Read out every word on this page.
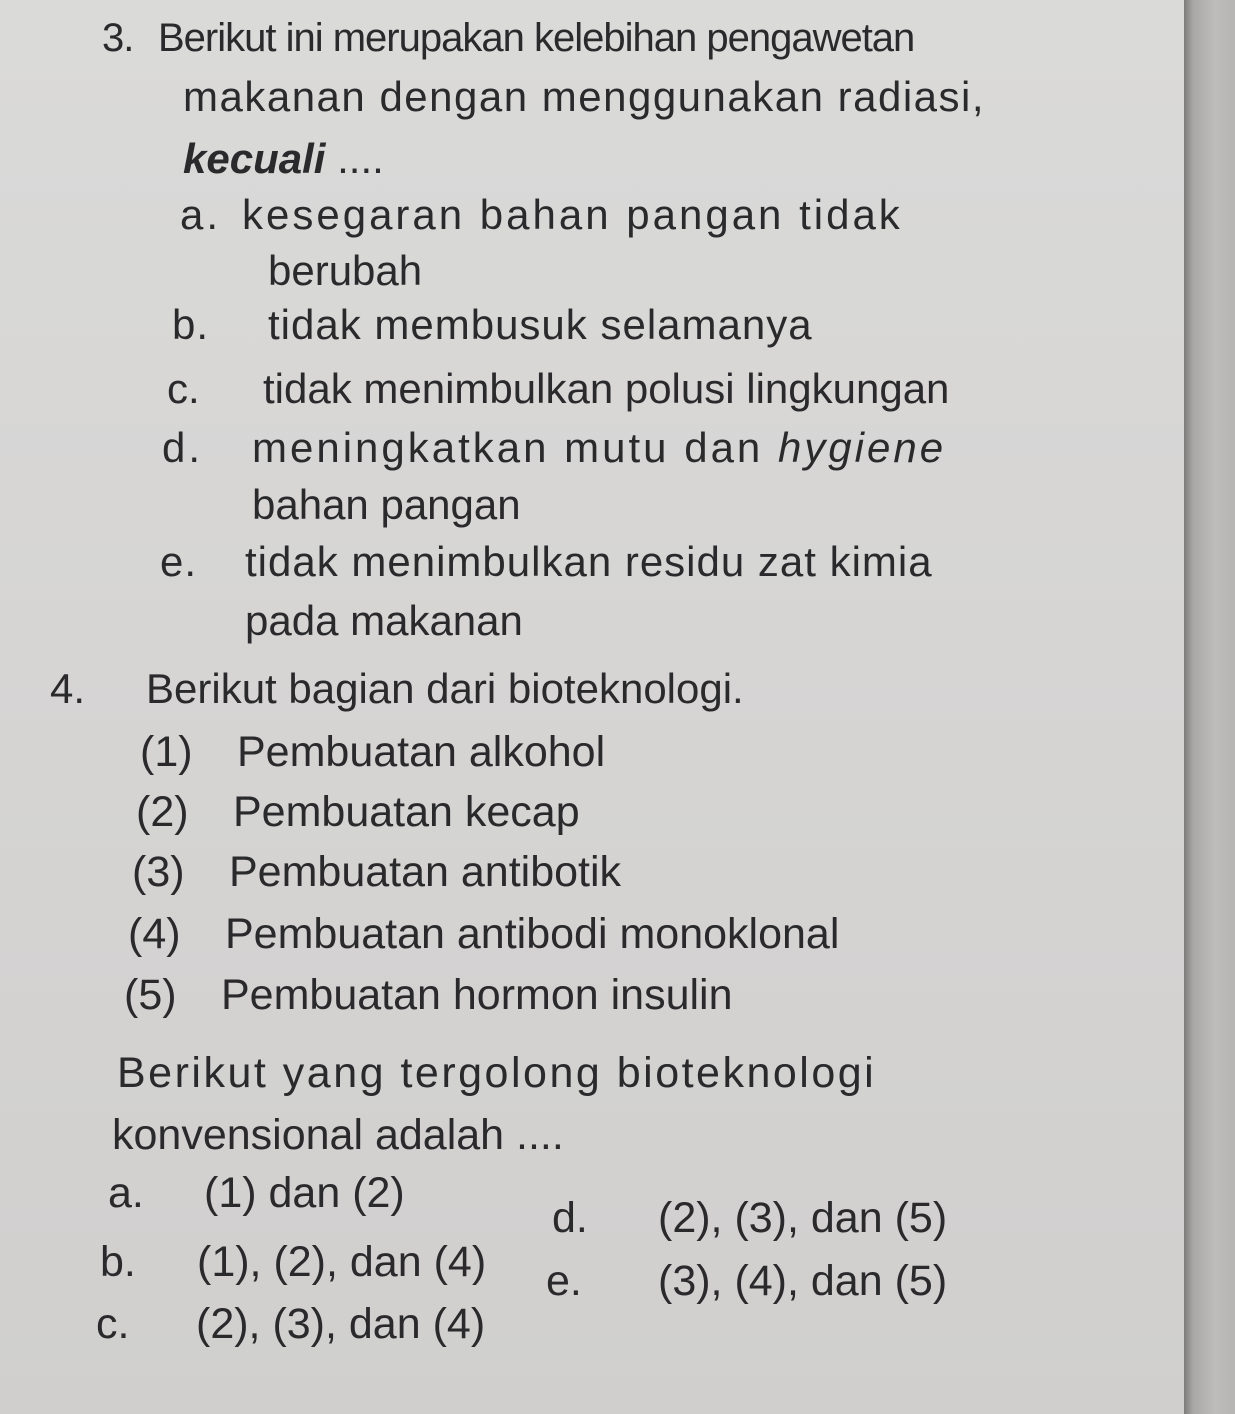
3. Berikut ini merupakan kelebihan pengawetan
makanan dengan menggunakan radiasi,
kecuali ....
a. kesegaran bahan pangan tidak
berubah
b. tidak membusuk selamanya
c. tidak menimbulkan polusi lingkungan
d. meningkatkan mutu dan hygiene
bahan pangan
e. tidak menimbulkan residu zat kimia
pada makanan
4. Berikut bagian dari bioteknologi.
(1) Pembuatan alkohol
(2) Pembuatan kecap
(3) Pembuatan antibotik
(4) Pembuatan antibodi monoklonal
(5) Pembuatan hormon insulin
Berikut yang tergolong bioteknologi
konvensional adalah ....
a. (1) dan (2)
d. (2), (3), dan (5)
b. (1), (2), dan (4) e. (3), (4), dan (5)
c. (2), (3), dan (4)
